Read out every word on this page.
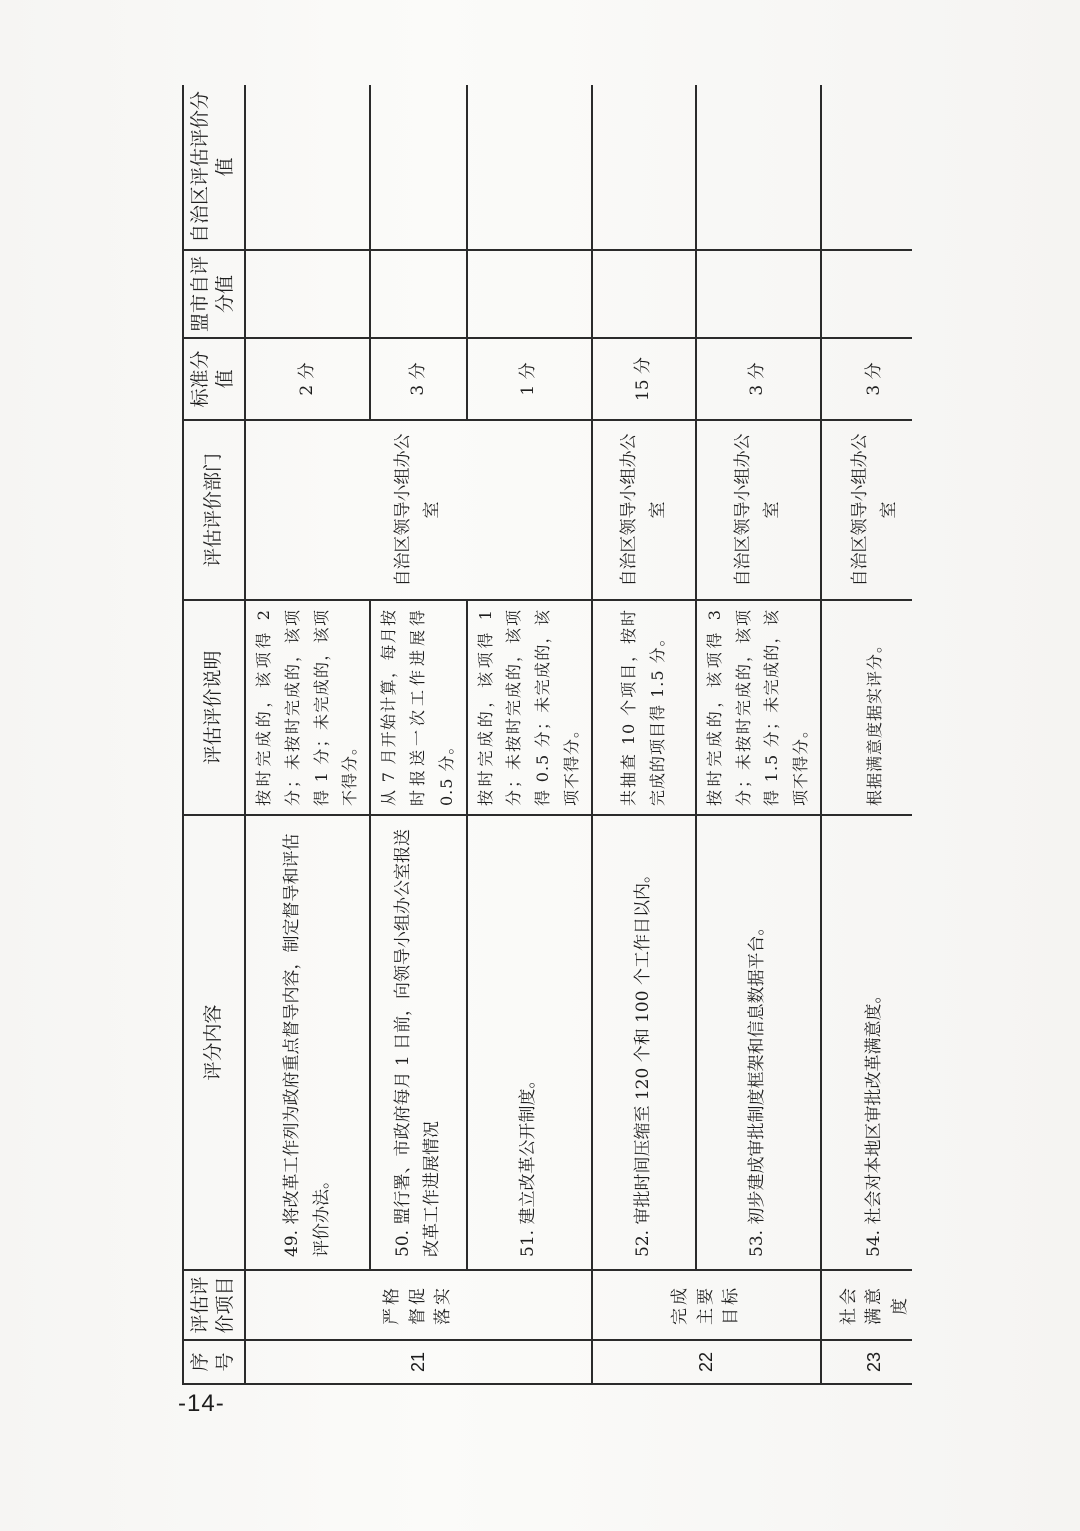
序号	评估评价项目	评分内容	评估评价说明	评估评价部门	标准分值	盟市自评分值	自治区评估评价分值
21	严格督促落实	49. 将改革工作列为政府重点督导内容，制定督导和评估评价办法。	按时完成的，该项得 2 分；未按时完成的，该项得 1 分；未完成的，该项不得分。	自治区领导小组办公室	2 分		
		50. 盟行署、市政府每月 1 日前，向领导小组办公室报送改革工作进展情况	从 7 月开始计算，每月按时报送一次工作进展得 0.5 分。		3 分		
		51. 建立改革公开制度。	按时完成的，该项得 1 分；未按时完成的，该项得 0.5 分；未完成的，该项不得分。		1 分		
22	完成主要目标	52. 审批时间压缩至 120 个和 100 个工作日以内。	共抽查 10 个项目，按时完成的项目得 1.5 分。	自治区领导小组办公室	15 分		
		53. 初步建成审批制度框架和信息数据平台。	按时完成的，该项得 3 分；未按时完成的，该项得 1.5 分；未完成的，该项不得分。	自治区领导小组办公室	3 分		
23	社会满意度	54. 社会对本地区审批改革满意度。	根据满意度据实评分。	自治区领导小组办公室	3 分		
-14-
